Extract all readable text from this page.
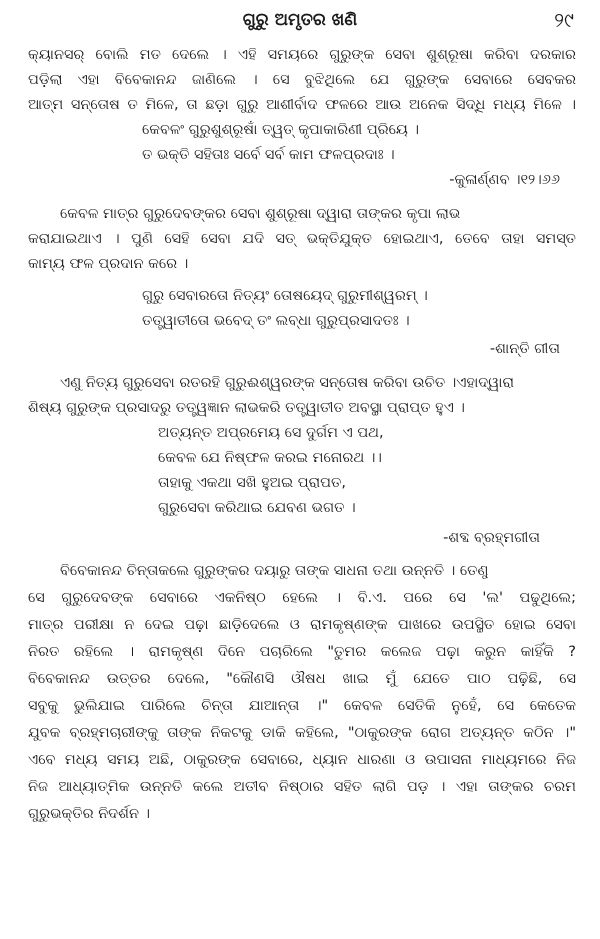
ଗୁରୁ ଅମୃତର ଖଣି	୨୯
କ୍ୟାନସର୍ ବୋଲି ମତ ଦେଲେ । ଏହି ସମୟରେ ଗୁରୁଙ୍କ ସେବା ଶୁଶ୍ରୂଷା କରିବା ଦରକାର
ପଡ଼ିଲା ଏହା ବିବେକାନନ୍ଦ ଜାଣିଲେ । ସେ ବୁଝିଥିଲେ ଯେ ଗୁରୁଙ୍କ ସେବାରେ ସେବକର
ଆତ୍ମ ସନ୍ତୋଷ ତ ମିଳେ, ତା ଛଡ଼ା ଗୁରୁ ଆଶୀର୍ବାଦ ଫଳରେ ଆଉ ଅନେକ ସିଦ୍ଧି ମଧ୍ୟ ମିଳେ ।
କେବଳଂ ଗୁରୁଶୁଶ୍ରୂଷାଁ ତ୍ୱତ୍ କୃପାକାରିଣୀ ପ୍ରିୟେ ।
ତ ଭକ୍ତି ସହିତାଃ ସର୍ବେ ସର୍ବ କାମ ଫଳପ୍ରଦାଃ ।
-କୁଳାର୍ଣ୍ଣବ ।୧୨।୬୬
କେବଳ ମାତ୍ର ଗୁରୁଦେବଙ୍କର ସେବା ଶୁଶ୍ରୂଷା ଦ୍ୱାରା ତାଙ୍କର କୃପା ଲାଭ
କରାଯାଇଥାଏ । ପୁଣି ସେହି ସେବା ଯଦି ସତ୍ ଭକ୍ତିଯୁକ୍ତ ହୋଇଥାଏ, ତେବେ ତାହା ସମସ୍ତ
କାମ୍ୟ ଫଳ ପ୍ରଦାନ କରେ ।
ଗୁରୁ ସେବାରତୋ ନିତ୍ୟଂ ତୋଷୟେଦ୍ ଗୁରୁମୀଶ୍ୱରମ୍ ।
ତତ୍ତ୍ୱାତୀତୋ ଭବେଦ୍ ତଂ ଲବ୍ଧା ଗୁରୁପ୍ରସାଦତଃ ।
-ଶାନ୍ତି ଗୀତା
ଏଣୁ ନିତ୍ୟ ଗୁରୁସେବା ରତରହି ଗୁରୁଈଶ୍ୱରଙ୍କ ସନ୍ତୋଷ କରିବା ଉଚିତ ।ଏହାଦ୍ୱାରା
ଶିଷ୍ୟ ଗୁରୁଙ୍କ ପ୍ରସାଦରୁ ତତ୍ତ୍ୱଜ୍ଞାନ ଲାଭକରି ତତ୍ତ୍ୱାତୀତ ଅବସ୍ଥା ପ୍ରାପ୍ତ ହୁଏ ।
ଅତ୍ୟନ୍ତ ଅପ୍ରମେୟ ସେ ଦୁର୍ଗମ ଏ ପଥ,
କେବଳ ଯେ ନିଷ୍ଫଳ କରଇ ମନୋରଥ ।।
ତାହାକୁ ଏକଥା ସଖି ହୁଅଇ ପ୍ରାପତ,
ଗୁରୁସେବା କରିଥାଇ ଯେବଣ ଭଗତ ।
-ଶବ୍ଦ ବ୍ରହ୍ମଗୀତା
ବିବେକାନନ୍ଦ ଚିନ୍ତାକଲେ ଗୁରୁଙ୍କର ଦୟାରୁ ତାଙ୍କ ସାଧନା ତଥା ଉନ୍ନତି । ତେଣୁ
ସେ ଗୁରୁଦେବଙ୍କ ସେବାରେ ଏକନିଷ୍ଠ ହେଲେ । ବି.ଏ. ପରେ ସେ 'ଲ' ପଢୁଥିଲେ;
ମାତ୍ର ପରୀକ୍ଷା ନ ଦେଇ ପଢ଼ା ଛାଡ଼ିଦେଲେ ଓ ରାମକୃଷ୍ଣଙ୍କ ପାଖରେ ଉପସ୍ଥିତ ହୋଇ ସେବା
ନିରତ ରହିଲେ । ରାମକୃଷ୍ଣ ଦିନେ ପଚାରିଲେ "ତୁମର କଲେଜ ପଢ଼ା କରୁନ କାହିଁକି ?
ବିବେକାନନ୍ଦ ଉତ୍ତର ଦେଲେ, "କୌଣସି ଔଷଧ ଖାଇ ମୁଁ ଯେତେ ପାଠ ପଢ଼ିଛି, ସେ
ସବୁକୁ ଭୁଲିଯାଇ ପାରିଲେ ଚିନ୍ତା ଯାଆନ୍ତା ।" କେବଳ ସେତିକି ନୁହେଁ, ସେ କେତେକ
ଯୁବକ ବ୍ରହ୍ମଚାରୀଙ୍କୁ ତାଙ୍କ ନିକଟକୁ ଡାକି କହିଲେ, "ଠାକୁରଙ୍କ ରୋଗ ଅତ୍ୟନ୍ତ କଠିନ ।"
ଏବେ ମଧ୍ୟ ସମୟ ଅଛି, ଠାକୁରଙ୍କ ସେବାରେ, ଧ୍ୟାନ ଧାରଣା ଓ ଉପାସନା ମାଧ୍ୟମରେ ନିଜ
ନିଜ ଆଧ୍ୟାତ୍ମିକ ଉନ୍ନତି କଲେ ଅତୀବ ନିଷ୍ଠାର ସହିତ ଲାଗି ପଡ଼ । ଏହା ତାଙ୍କର ଚରମ
ଗୁରୁଭକ୍ତିର ନିଦର୍ଶନ ।
